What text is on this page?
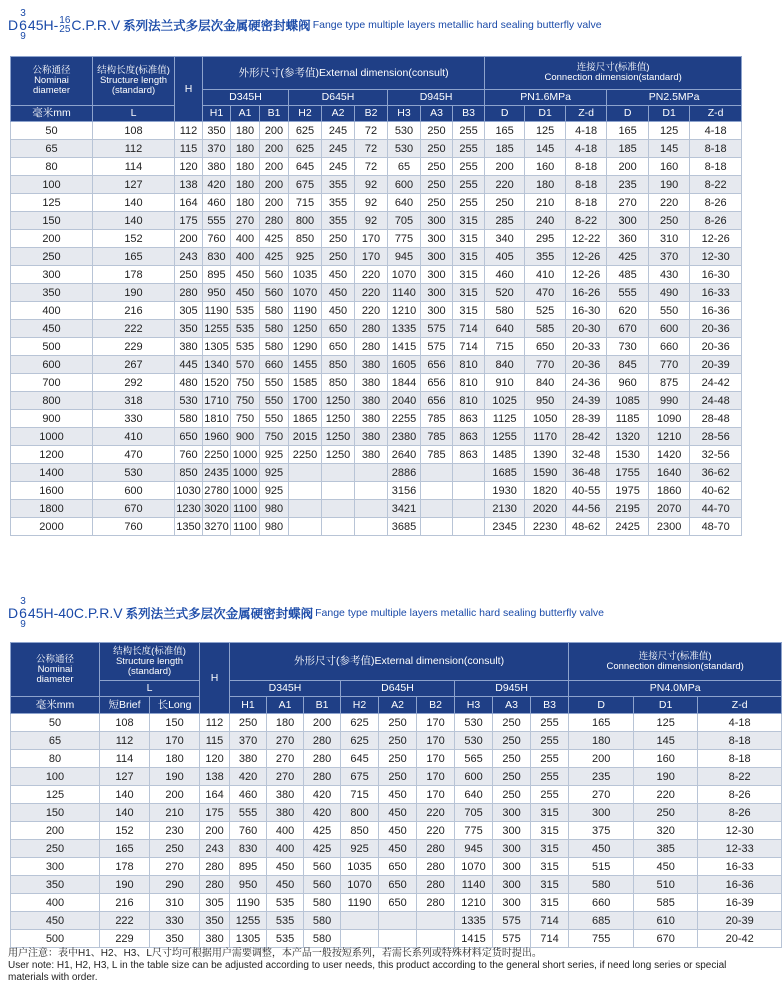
D
3
6
9
45H- 16
25 C.P.R.V 系列法兰式多层次金属硬密封蝶阀 Fange type multiple layers metallic hard sealing butterfly valve
公称通径
Nominai
diameter	结构长度(标准值)
Structure length
(standard)	H	外形尺寸(参考值)External dimension(consult)									连接尺寸(标准值)
Connection dimension(standard)					
			D345H			D645H			D945H			PN1.6MPa			PN2.5MPa		
毫米mm	L		H1	A1	B1	H2	A2	B2	H3	A3	B3	D	D1	Z-d	D	D1	Z-d
50	108	112	350	180	200	625	245	72	530	250	255	165	125	4-18	165	125	4-18
65	112	115	370	180	200	625	245	72	530	250	255	185	145	4-18	185	145	8-18
80	114	120	380	180	200	645	245	72	65	250	255	200	160	8-18	200	160	8-18
100	127	138	420	180	200	675	355	92	600	250	255	220	180	8-18	235	190	8-22
125	140	164	460	180	200	715	355	92	640	250	255	250	210	8-18	270	220	8-26
150	140	175	555	270	280	800	355	92	705	300	315	285	240	8-22	300	250	8-26
200	152	200	760	400	425	850	250	170	775	300	315	340	295	12-22	360	310	12-26
250	165	243	830	400	425	925	250	170	945	300	315	405	355	12-26	425	370	12-30
300	178	250	895	450	560	1035	450	220	1070	300	315	460	410	12-26	485	430	16-30
350	190	280	950	450	560	1070	450	220	1140	300	315	520	470	16-26	555	490	16-33
400	216	305	1190	535	580	1190	450	220	1210	300	315	580	525	16-30	620	550	16-36
450	222	350	1255	535	580	1250	650	280	1335	575	714	640	585	20-30	670	600	20-36
500	229	380	1305	535	580	1290	650	280	1415	575	714	715	650	20-33	730	660	20-36
600	267	445	1340	570	660	1455	850	380	1605	656	810	840	770	20-36	845	770	20-39
700	292	480	1520	750	550	1585	850	380	1844	656	810	910	840	24-36	960	875	24-42
800	318	530	1710	750	550	1700	1250	380	2040	656	810	1025	950	24-39	1085	990	24-48
900	330	580	1810	750	550	1865	1250	380	2255	785	863	1125	1050	28-39	1185	1090	28-48
1000	410	650	1960	900	750	2015	1250	380	2380	785	863	1255	1170	28-42	1320	1210	28-56
1200	470	760	2250	1000	925	2250	1250	380	2640	785	863	1485	1390	32-48	1530	1420	32-56
1400	530	850	2435	1000	925				2886			1685	1590	36-48	1755	1640	36-62
1600	600	1030	2780	1000	925				3156			1930	1820	40-55	1975	1860	40-62
1800	670	1230	3020	1100	980				3421			2130	2020	44-56	2195	2070	44-70
2000	760	1350	3270	1100	980				3685			2345	2230	48-62	2425	2300	48-70
D
3
6
9
45H-40C.P.R.V 系列法兰式多层次金属硬密封蝶阀 Fange type multiple layers metallic hard sealing butterfly valve
公称通径
Nominai
diameter	结构长度(标准值)
Structure length
(standard)		H	外形尺寸(参考值)External dimension(consult)									连接尺寸(标准值)
Connection dimension(standard)		
	L			D345H			D645H			D945H			PN4.0MPa		
毫米mm	短Brief	长Long		H1	A1	B1	H2	A2	B2	H3	A3	B3	D	D1	Z-d
50	108	150	112	250	180	200	625	250	170	530	250	255	165	125	4-18
65	112	170	115	370	270	280	625	250	170	530	250	255	180	145	8-18
80	114	180	120	380	270	280	645	250	170	565	250	255	200	160	8-18
100	127	190	138	420	270	280	675	250	170	600	250	255	235	190	8-22
125	140	200	164	460	380	420	715	450	170	640	250	255	270	220	8-26
150	140	210	175	555	380	420	800	450	220	705	300	315	300	250	8-26
200	152	230	200	760	400	425	850	450	220	775	300	315	375	320	12-30
250	165	250	243	830	400	425	925	450	280	945	300	315	450	385	12-33
300	178	270	280	895	450	560	1035	650	280	1070	300	315	515	450	16-33
350	190	290	280	950	450	560	1070	650	280	1140	300	315	580	510	16-36
400	216	310	305	1190	535	580	1190	650	280	1210	300	315	660	585	16-39
450	222	330	350	1255	535	580				1335	575	714	685	610	20-39
500	229	350	380	1305	535	580				1415	575	714	755	670	20-42
用户注意：表中H1、H2、H3、L尺寸均可根据用户需要调整，本产品一般按短系列，若需长系列或特殊材料定货时提出。
User note: H1, H2, H3, L in the table size can be adjusted according to user needs, this product according to the general short series, if need long series or special materials with order.
